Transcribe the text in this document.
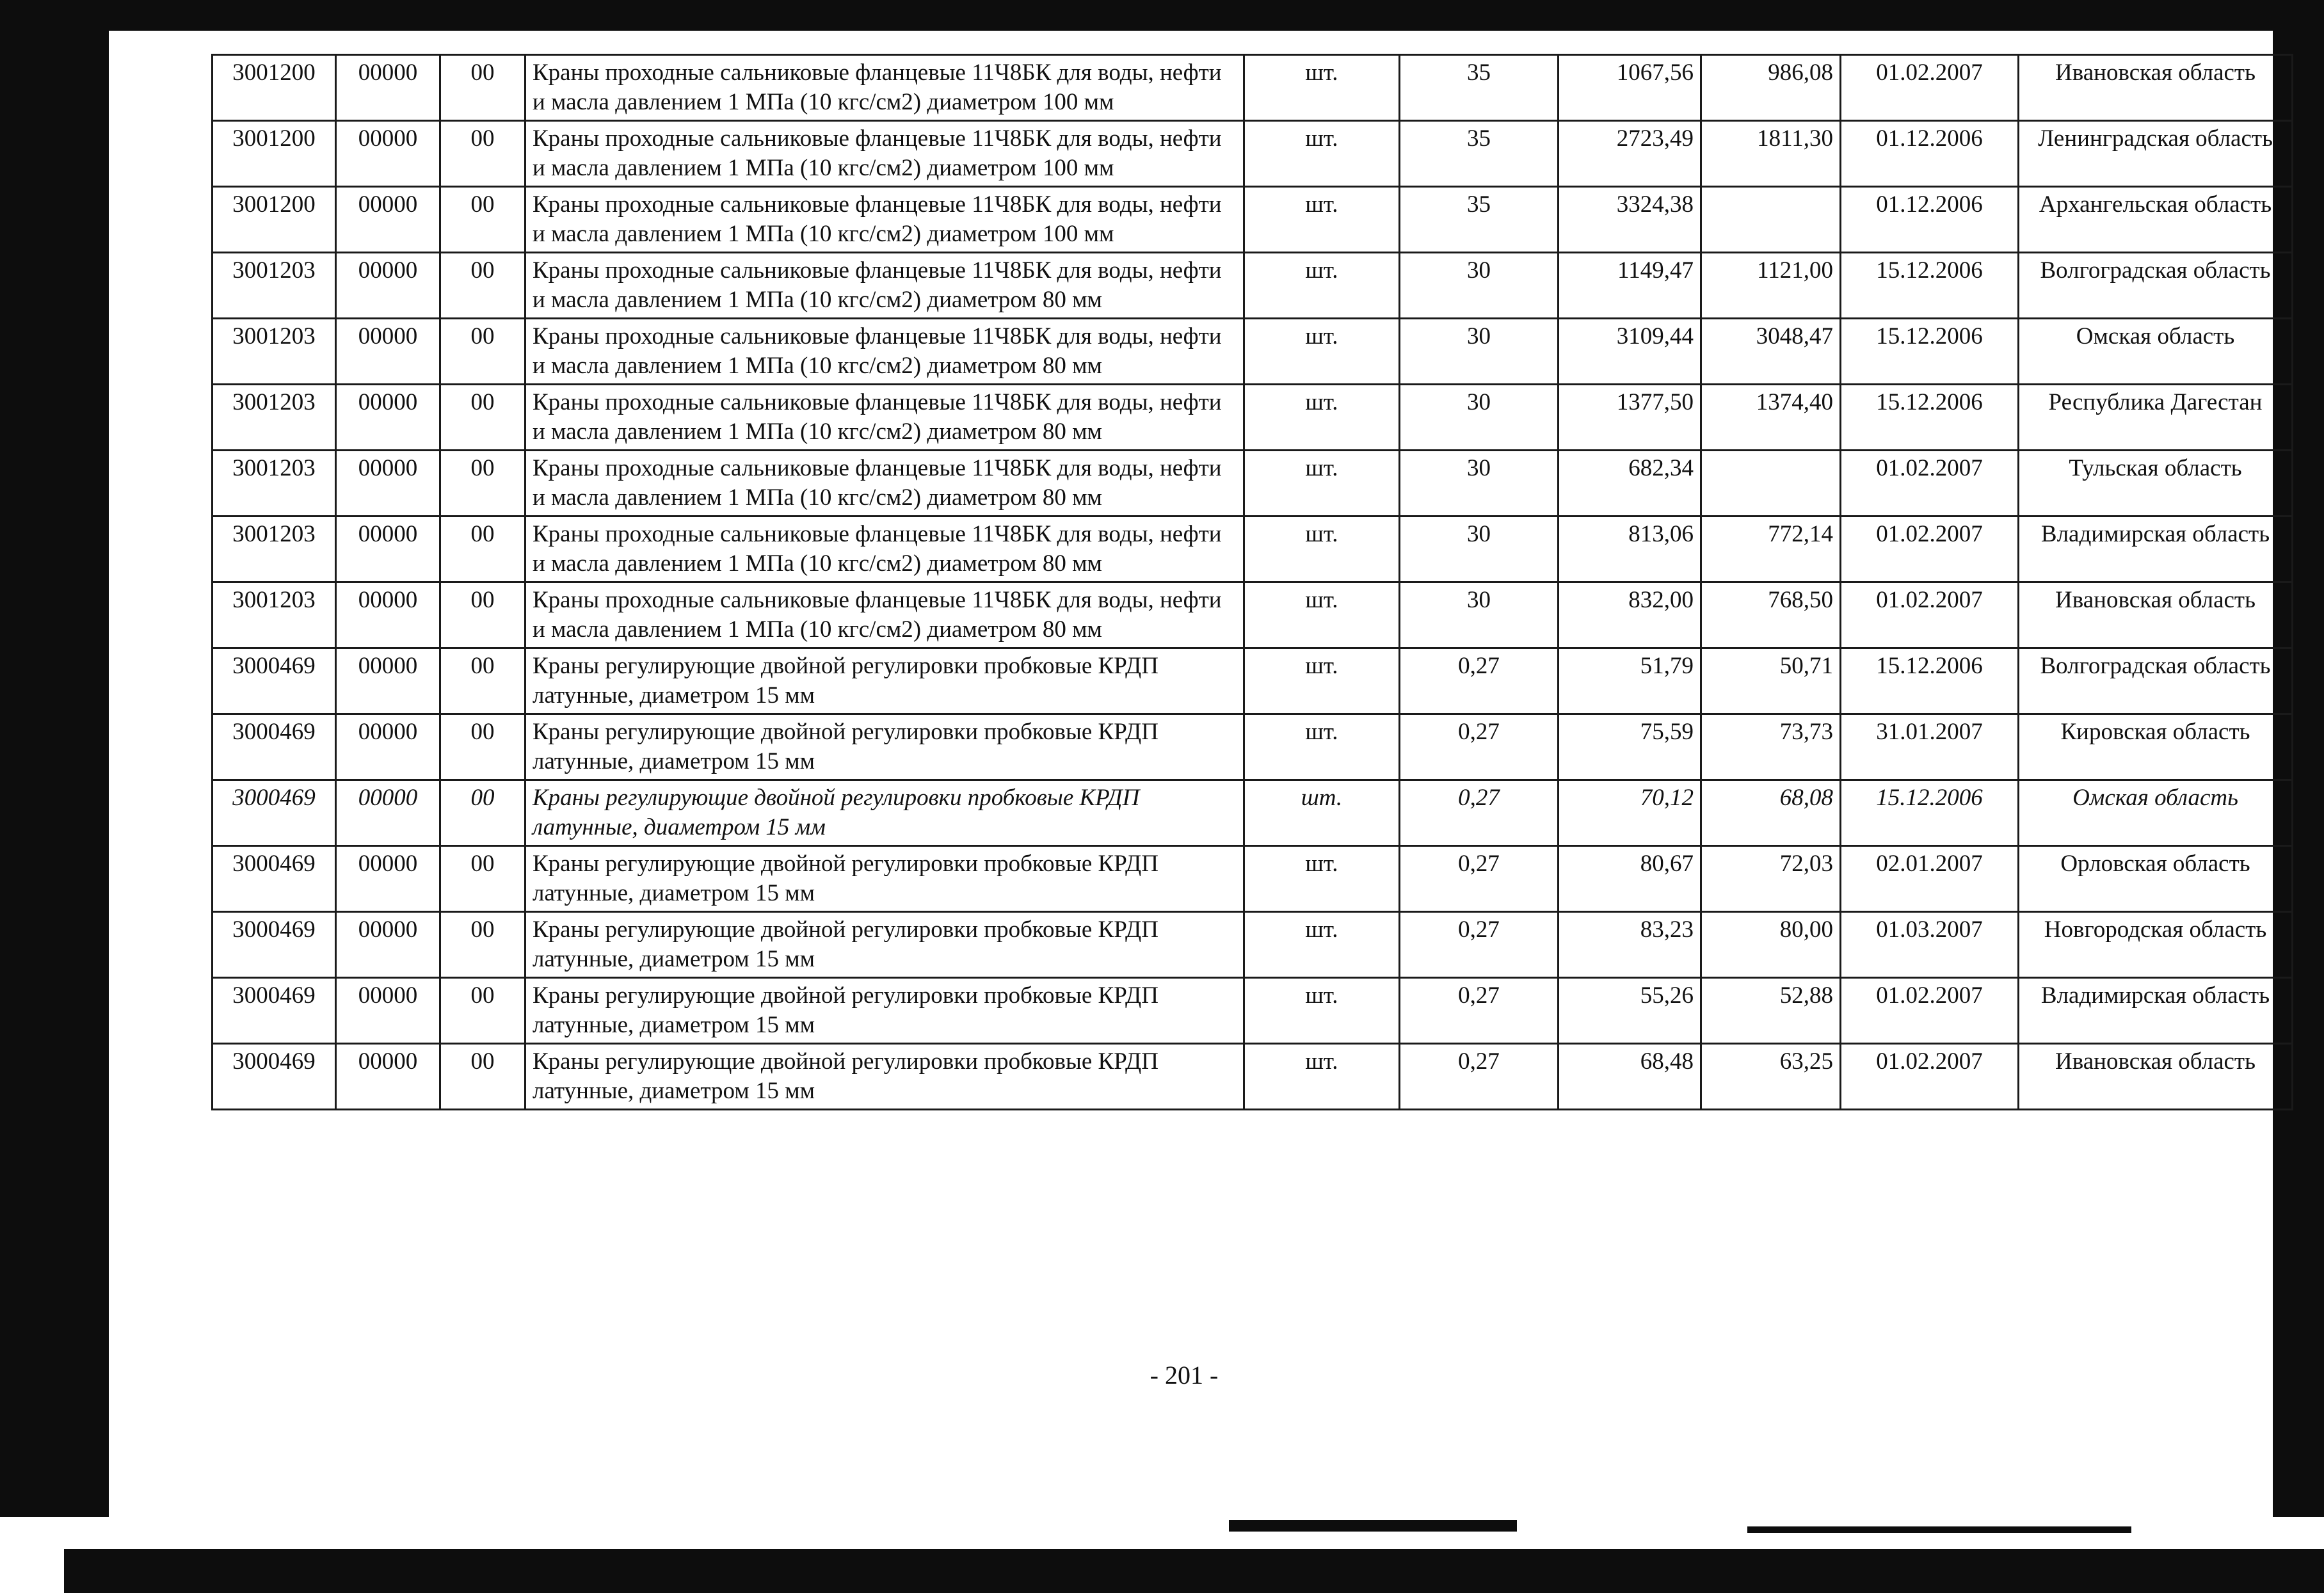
3001200	00000	00	Краны проходные сальниковые фланцевые 11Ч8БК для воды, нефти и масла давлением 1 МПа (10 кгс/см2) диаметром 100 мм	шт.	35	1067,56	986,08	01.02.2007	Ивановская область
3001200	00000	00	Краны проходные сальниковые фланцевые 11Ч8БК для воды, нефти и масла давлением 1 МПа (10 кгс/см2) диаметром 100 мм	шт.	35	2723,49	1811,30	01.12.2006	Ленинградская область
3001200	00000	00	Краны проходные сальниковые фланцевые 11Ч8БК для воды, нефти и масла давлением 1 МПа (10 кгс/см2) диаметром 100 мм	шт.	35	3324,38		01.12.2006	Архангельская область
3001203	00000	00	Краны проходные сальниковые фланцевые 11Ч8БК для воды, нефти и масла давлением 1 МПа (10 кгс/см2) диаметром 80 мм	шт.	30	1149,47	1121,00	15.12.2006	Волгоградская область
3001203	00000	00	Краны проходные сальниковые фланцевые 11Ч8БК для воды, нефти и масла давлением 1 МПа (10 кгс/см2) диаметром 80 мм	шт.	30	3109,44	3048,47	15.12.2006	Омская область
3001203	00000	00	Краны проходные сальниковые фланцевые 11Ч8БК для воды, нефти и масла давлением 1 МПа (10 кгс/см2) диаметром 80 мм	шт.	30	1377,50	1374,40	15.12.2006	Республика Дагестан
3001203	00000	00	Краны проходные сальниковые фланцевые 11Ч8БК для воды, нефти и масла давлением 1 МПа (10 кгс/см2) диаметром 80 мм	шт.	30	682,34		01.02.2007	Тульская область
3001203	00000	00	Краны проходные сальниковые фланцевые 11Ч8БК для воды, нефти и масла давлением 1 МПа (10 кгс/см2) диаметром 80 мм	шт.	30	813,06	772,14	01.02.2007	Владимирская область
3001203	00000	00	Краны проходные сальниковые фланцевые 11Ч8БК для воды, нефти и масла давлением 1 МПа (10 кгс/см2) диаметром 80 мм	шт.	30	832,00	768,50	01.02.2007	Ивановская область
3000469	00000	00	Краны регулирующие двойной регулировки пробковые КРДП латунные, диаметром 15 мм	шт.	0,27	51,79	50,71	15.12.2006	Волгоградская область
3000469	00000	00	Краны регулирующие двойной регулировки пробковые КРДП латунные, диаметром 15 мм	шт.	0,27	75,59	73,73	31.01.2007	Кировская область
3000469	00000	00	Краны регулирующие двойной регулировки пробковые КРДП латунные, диаметром 15 мм	шт.	0,27	70,12	68,08	15.12.2006	Омская область
3000469	00000	00	Краны регулирующие двойной регулировки пробковые КРДП латунные, диаметром 15 мм	шт.	0,27	80,67	72,03	02.01.2007	Орловская область
3000469	00000	00	Краны регулирующие двойной регулировки пробковые КРДП латунные, диаметром 15 мм	шт.	0,27	83,23	80,00	01.03.2007	Новгородская область
3000469	00000	00	Краны регулирующие двойной регулировки пробковые КРДП латунные, диаметром 15 мм	шт.	0,27	55,26	52,88	01.02.2007	Владимирская область
3000469	00000	00	Краны регулирующие двойной регулировки пробковые КРДП латунные, диаметром 15 мм	шт.	0,27	68,48	63,25	01.02.2007	Ивановская область
- 201 -
